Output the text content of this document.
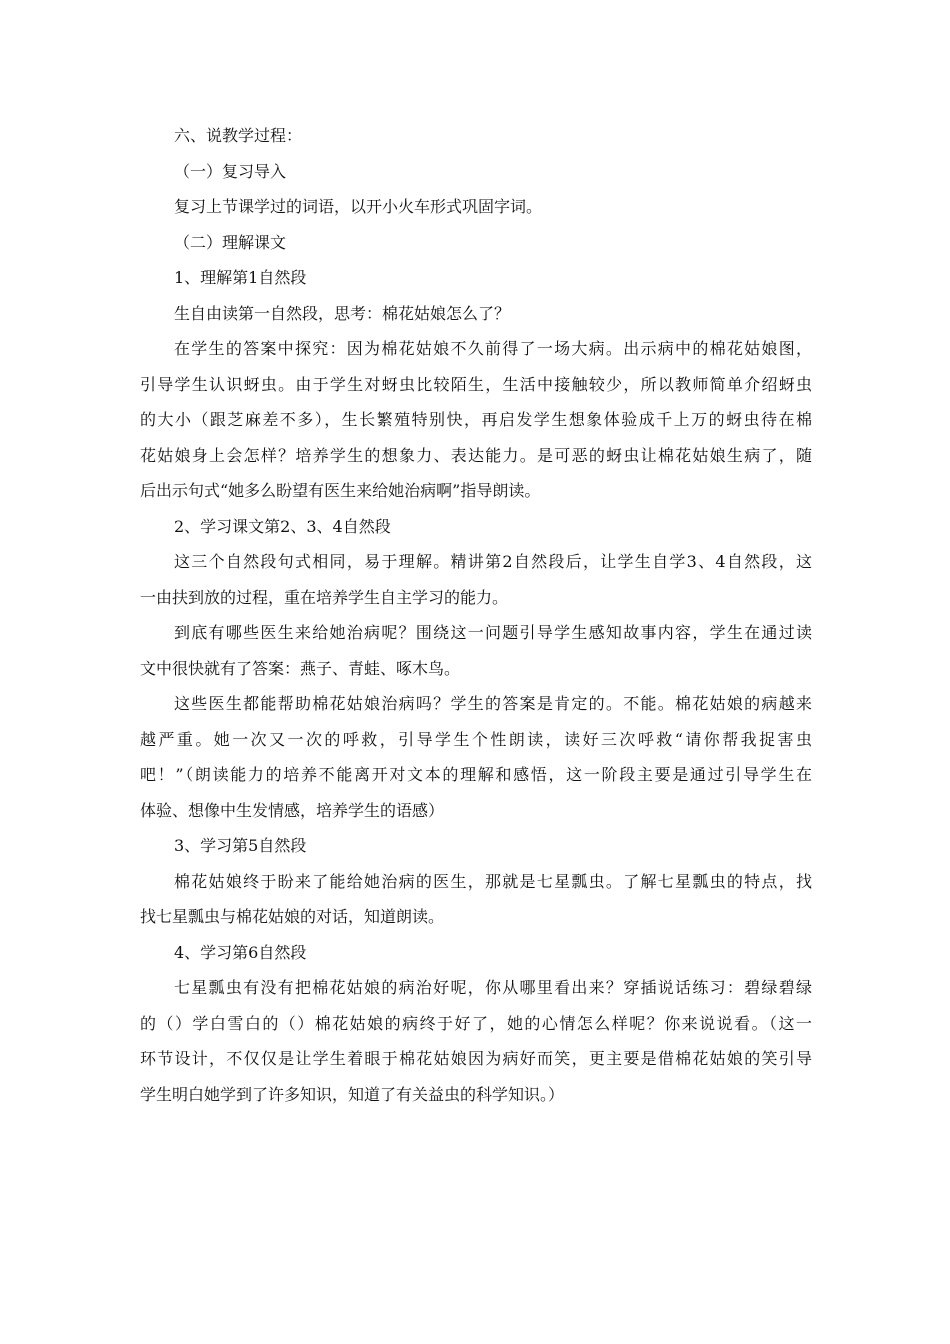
六、说教学过程：
（一）复习导入
复习上节课学过的词语，以开小火车形式巩固字词。
（二）理解课文
1、理解第1自然段
生自由读第一自然段，思考：棉花姑娘怎么了？
在学生的答案中探究：因为棉花姑娘不久前得了一场大病。出示病中的棉花姑娘图，
引导学生认识蚜虫。由于学生对蚜虫比较陌生，生活中接触较少，所以教师简单介绍蚜虫
的大小（跟芝麻差不多），生长繁殖特别快，再启发学生想象体验成千上万的蚜虫待在棉
花姑娘身上会怎样？培养学生的想象力、表达能力。是可恶的蚜虫让棉花姑娘生病了，随
后出示句式“她多么盼望有医生来给她治病啊”指导朗读。
2、学习课文第2、3、4自然段
这三个自然段句式相同，易于理解。精讲第2自然段后，让学生自学3、4自然段，这
一由扶到放的过程，重在培养学生自主学习的能力。
到底有哪些医生来给她治病呢？围绕这一问题引导学生感知故事内容，学生在通过读
文中很快就有了答案：燕子、青蛙、啄木鸟。
这些医生都能帮助棉花姑娘治病吗？学生的答案是肯定的。不能。棉花姑娘的病越来
越严重。她一次又一次的呼救，引导学生个性朗读，读好三次呼救“请你帮我捉害虫
吧！”（朗读能力的培养不能离开对文本的理解和感悟，这一阶段主要是通过引导学生在
体验、想像中生发情感，培养学生的语感）
3、学习第5自然段
棉花姑娘终于盼来了能给她治病的医生，那就是七星瓢虫。了解七星瓢虫的特点，找
找七星瓢虫与棉花姑娘的对话，知道朗读。
4、学习第6自然段
七星瓢虫有没有把棉花姑娘的病治好呢，你从哪里看出来？穿插说话练习：碧绿碧绿
的（）学白雪白的（）棉花姑娘的病终于好了，她的心情怎么样呢？你来说说看。（这一
环节设计，不仅仅是让学生着眼于棉花姑娘因为病好而笑，更主要是借棉花姑娘的笑引导
学生明白她学到了许多知识，知道了有关益虫的科学知识。）
